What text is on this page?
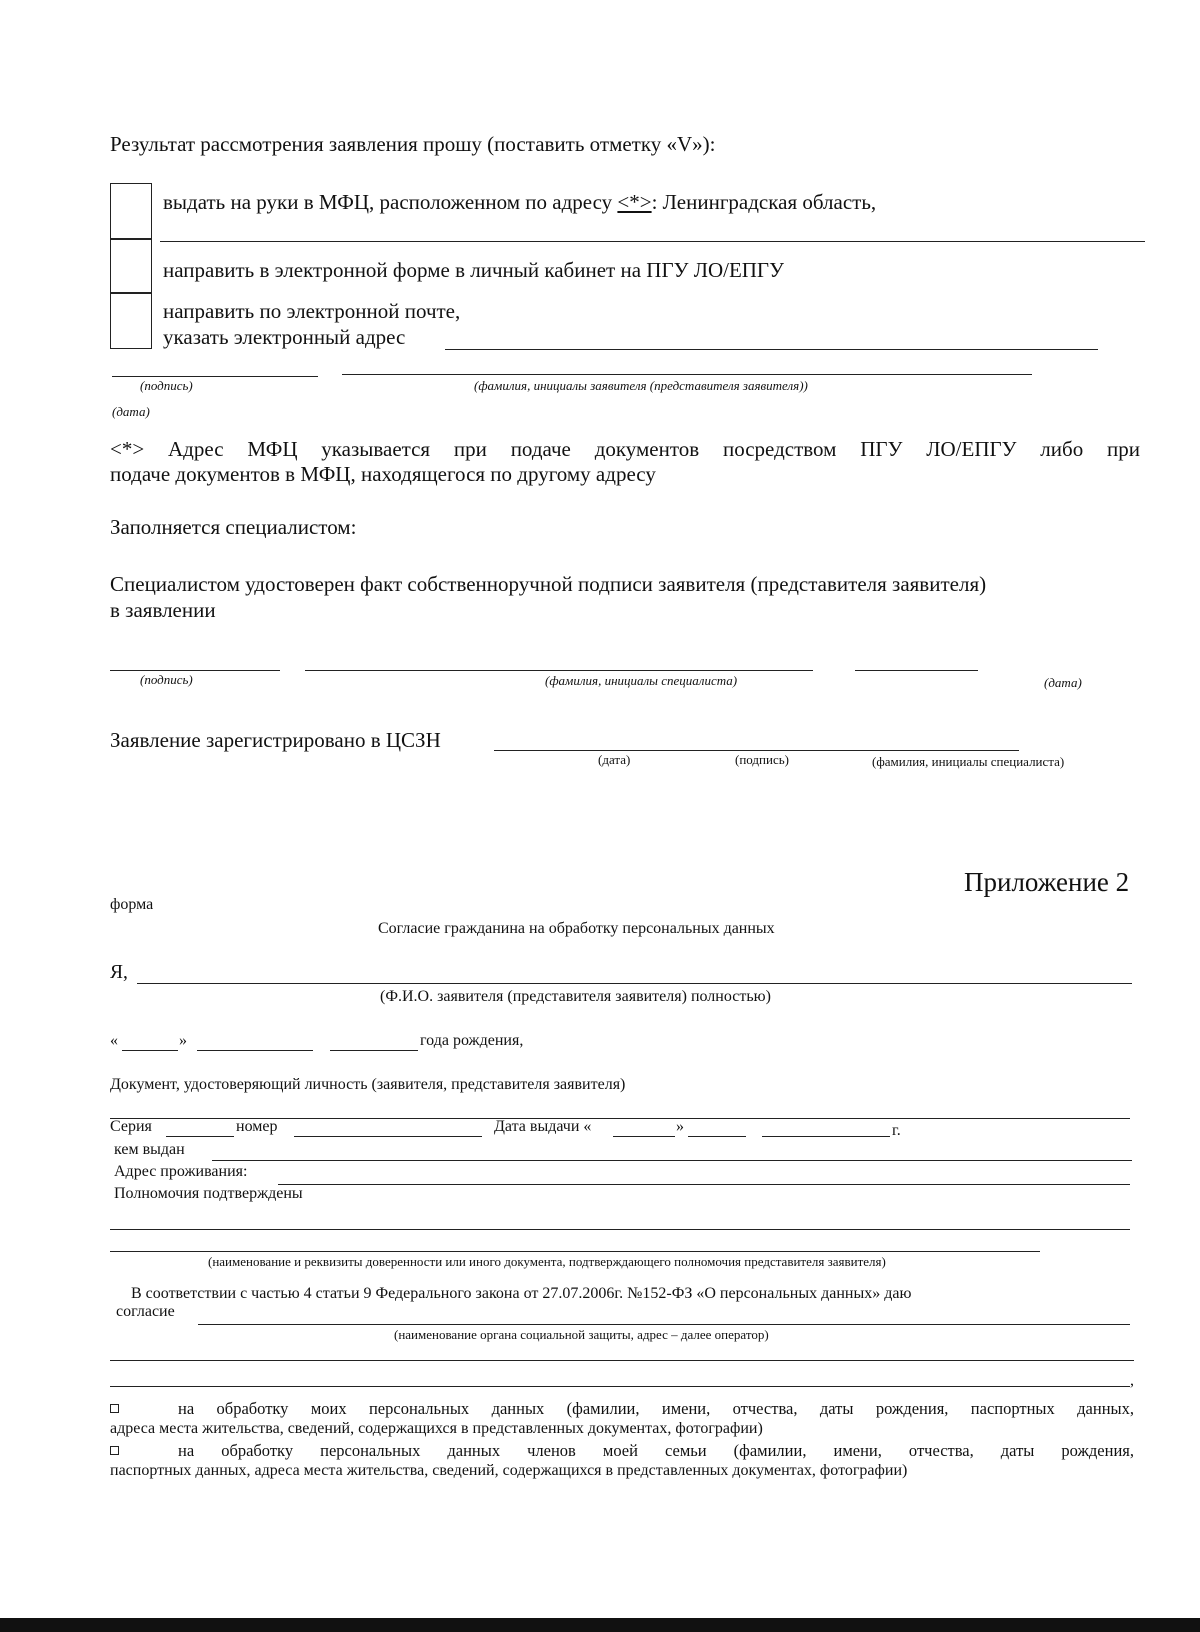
Результат рассмотрения заявления прошу (поставить отметку «V»):
выдать на руки в МФЦ, расположенном по адресу <*>: Ленинградская область,
направить в электронной форме в личный кабинет на ПГУ ЛО/ЕПГУ
направить по электронной почте,
указать электронный адрес
(подпись)	(фамилия, инициалы заявителя (представителя заявителя))
(дата)
<*> Адрес МФЦ указывается при подаче документов посредством ПГУ ЛО/ЕПГУ либо при
подаче документов в МФЦ, находящегося по другому адресу
Заполняется специалистом:
Специалистом удостоверен факт собственноручной подписи заявителя (представителя заявителя)
в заявлении
(подпись)	(фамилия, инициалы специалиста)	(дата)
Заявление зарегистрировано в ЦСЗН
(дата)	(подпись)	(фамилия, инициалы специалиста)
Приложение 2
форма
Согласие гражданина на обработку персональных данных
Я,
(Ф.И.О. заявителя (представителя заявителя) полностью)
«	»	года рождения,
Документ, удостоверяющий личность (заявителя, представителя заявителя)
Серия	номер	Дата выдачи «	»	г.
кем выдан
Адрес проживания:
Полномочия подтверждены
(наименование и реквизиты доверенности или иного документа, подтверждающего полномочия представителя заявителя)
В соответствии с частью 4 статьи 9 Федерального закона от 27.07.2006г. №152-ФЗ «О персональных данных» даю
согласие
(наименование органа социальной защиты, адрес – далее оператор)
,
на обработку моих персональных данных (фамилии, имени, отчества, даты рождения, паспортных данных,
адреса места жительства, сведений, содержащихся в представленных документах, фотографии)
на обработку персональных данных членов моей семьи (фамилии, имени, отчества, даты рождения,
паспортных данных, адреса места жительства, сведений, содержащихся в представленных документах, фотографии)
